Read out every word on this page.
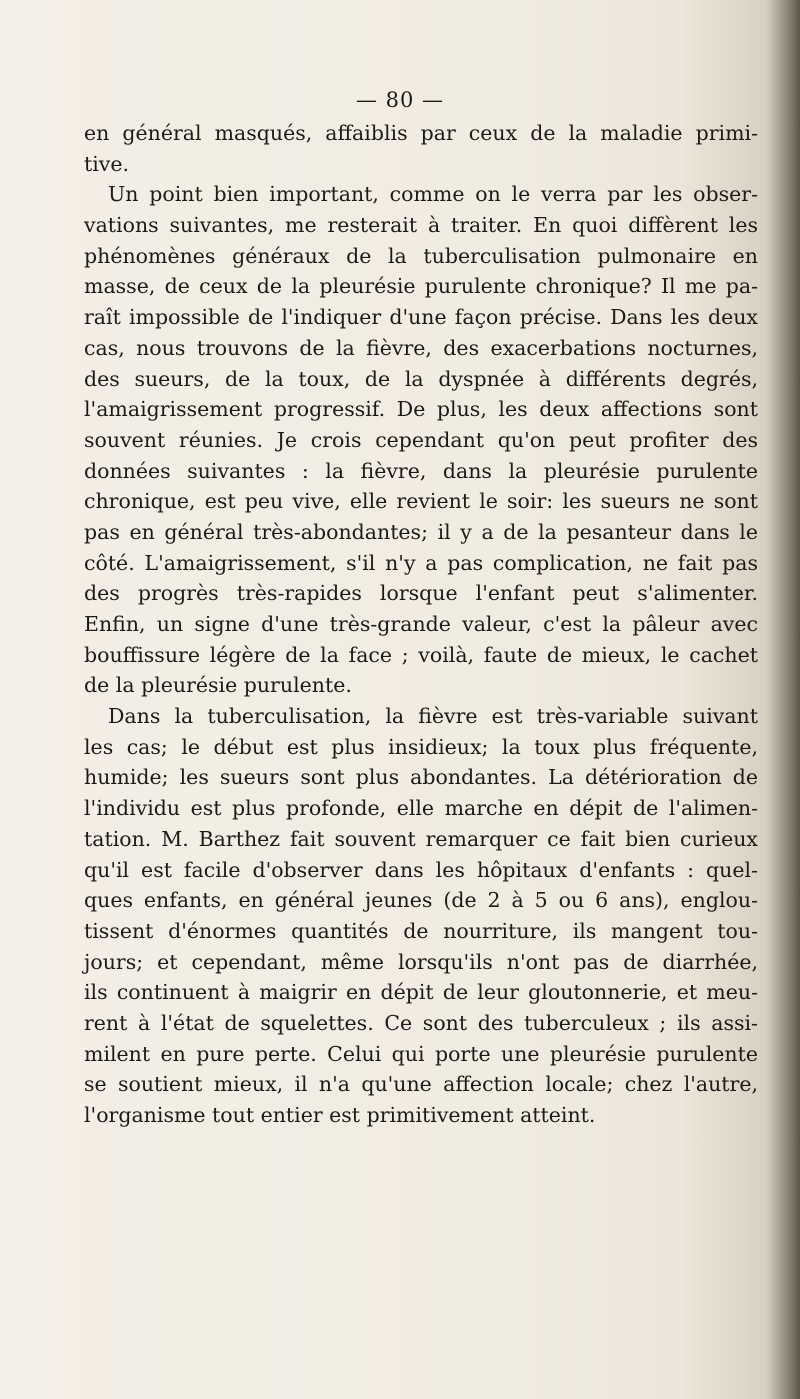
— 80 —
en général masqués, affaiblis par ceux de la maladie primi-
tive.
Un point bien important, comme on le verra par les obser-
vations suivantes, me resterait à traiter. En quoi diffèrent les
phénomènes généraux de la tuberculisation pulmonaire en
masse, de ceux de la pleurésie purulente chronique? Il me pa-
raît impossible de l'indiquer d'une façon précise. Dans les deux
cas, nous trouvons de la fièvre, des exacerbations nocturnes,
des sueurs, de la toux, de la dyspnée à différents degrés,
l'amaigrissement progressif. De plus, les deux affections sont
souvent réunies. Je crois cependant qu'on peut profiter des
données suivantes : la fièvre, dans la pleurésie purulente
chronique, est peu vive, elle revient le soir: les sueurs ne sont
pas en général très-abondantes; il y a de la pesanteur dans le
côté. L'amaigrissement, s'il n'y a pas complication, ne fait pas
des progrès très-rapides lorsque l'enfant peut s'alimenter.
Enfin, un signe d'une très-grande valeur, c'est la pâleur avec
bouffissure légère de la face ; voilà, faute de mieux, le cachet
de la pleurésie purulente.
Dans la tuberculisation, la fièvre est très-variable suivant
les cas; le début est plus insidieux; la toux plus fréquente,
humide; les sueurs sont plus abondantes. La détérioration de
l'individu est plus profonde, elle marche en dépit de l'alimen-
tation. M. Barthez fait souvent remarquer ce fait bien curieux
qu'il est facile d'observer dans les hôpitaux d'enfants : quel-
ques enfants, en général jeunes (de 2 à 5 ou 6 ans), englou-
tissent d'énormes quantités de nourriture, ils mangent tou-
jours; et cependant, même lorsqu'ils n'ont pas de diarrhée,
ils continuent à maigrir en dépit de leur gloutonnerie, et meu-
rent à l'état de squelettes. Ce sont des tuberculeux ; ils assi-
milent en pure perte. Celui qui porte une pleurésie purulente
se soutient mieux, il n'a qu'une affection locale; chez l'autre,
l'organisme tout entier est primitivement atteint.
